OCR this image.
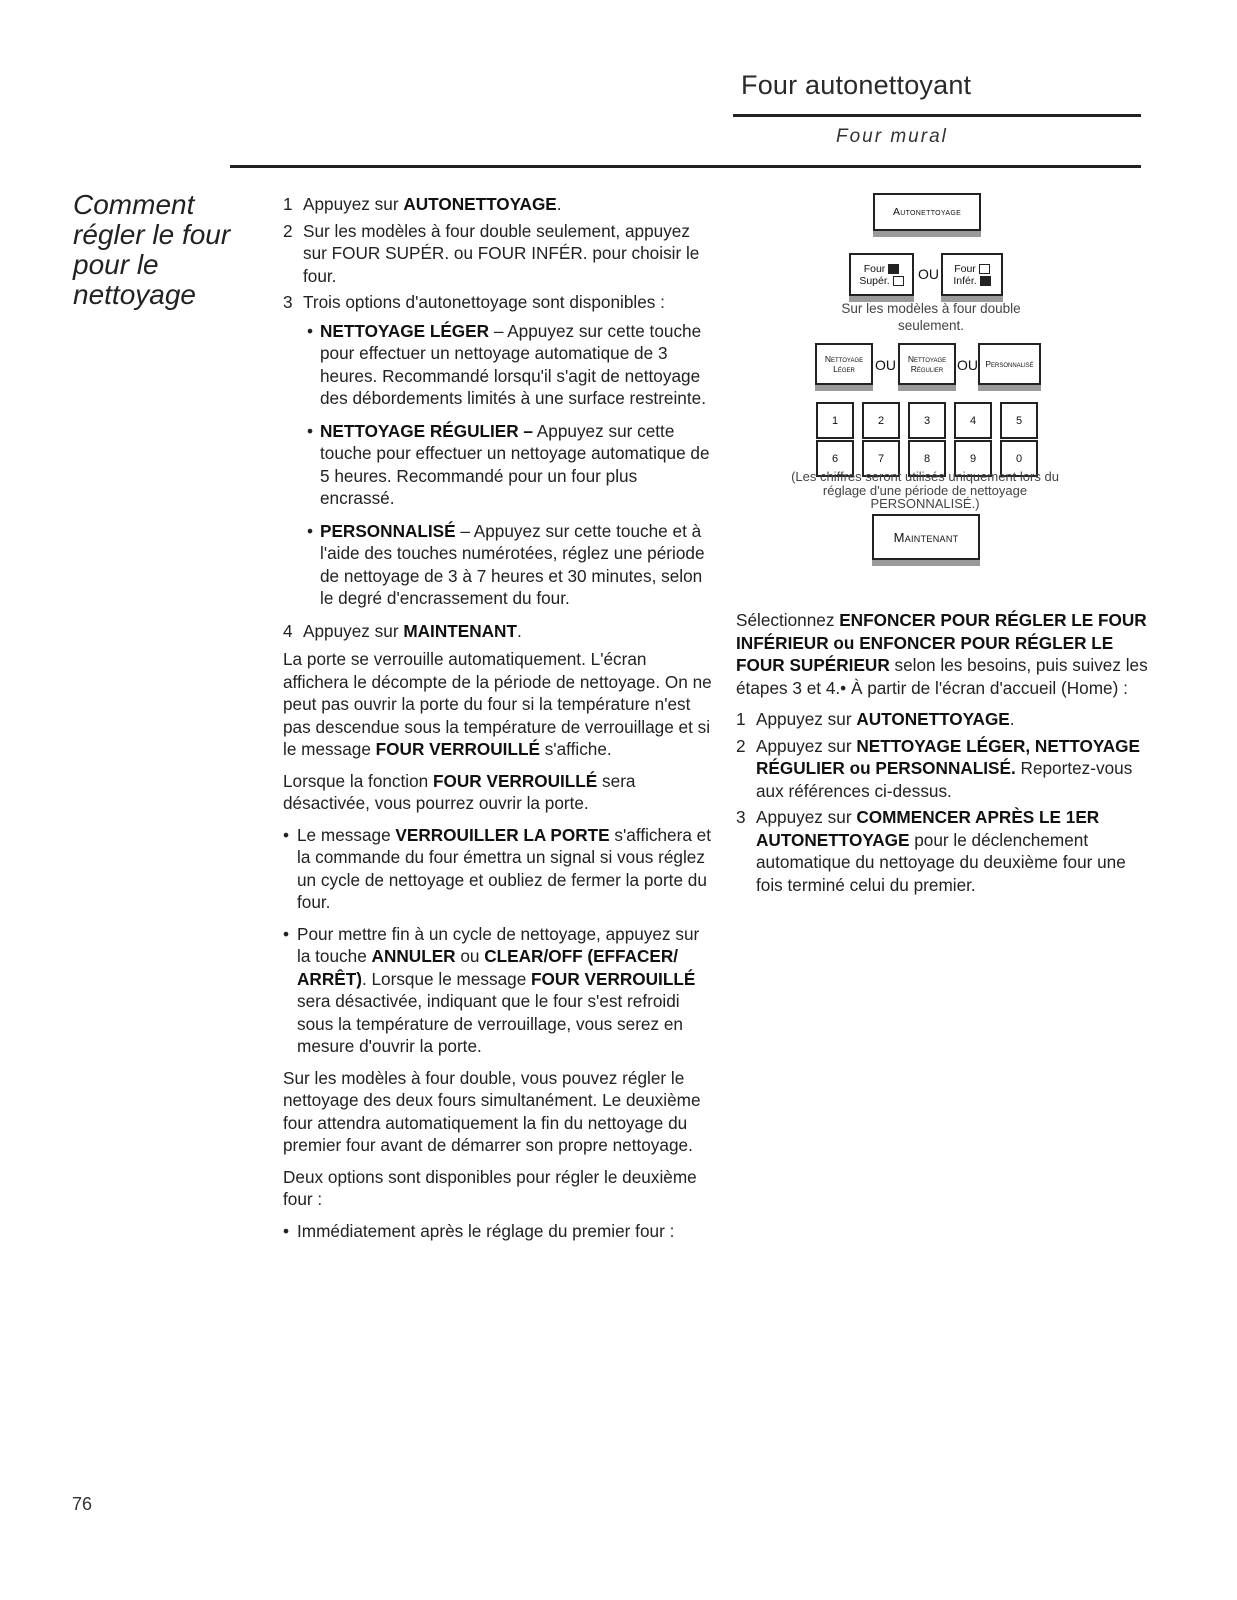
Four autonettoyant
Four mural
Comment régler le four pour le nettoyage
1 Appuyez sur AUTONETTOYAGE.
2 Sur les modèles à four double seulement, appuyez sur FOUR SUPÉR. ou FOUR INFÉR. pour choisir le four.
3 Trois options d'autonettoyage sont disponibles :
• NETTOYAGE LÉGER – Appuyez sur cette touche pour effectuer un nettoyage automatique de 3 heures. Recommandé lorsqu'il s'agit de nettoyage des débordements limités à une surface restreinte.
• NETTOYAGE RÉGULIER – Appuyez sur cette touche pour effectuer un nettoyage automatique de 5 heures. Recommandé pour un four plus encrassé.
• PERSONNALISÉ – Appuyez sur cette touche et à l'aide des touches numérotées, réglez une période de nettoyage de 3 à 7 heures et 30 minutes, selon le degré d'encrassement du four.
4 Appuyez sur MAINTENANT.
La porte se verrouille automatiquement. L'écran affichera le décompte de la période de nettoyage. On ne peut pas ouvrir la porte du four si la température n'est pas descendue sous la température de verrouillage et si le message FOUR VERROUILLÉ s'affiche.
Lorsque la fonction FOUR VERROUILLÉ sera désactivée, vous pourrez ouvrir la porte.
• Le message VERROUILLER LA PORTE s'affichera et la commande du four émettra un signal si vous réglez un cycle de nettoyage et oubliez de fermer la porte du four.
• Pour mettre fin à un cycle de nettoyage, appuyez sur la touche ANNULER ou CLEAR/OFF (EFFACER/ ARRÊT). Lorsque le message FOUR VERROUILLÉ sera désactivée, indiquant que le four s'est refroidi sous la température de verrouillage, vous serez en mesure d'ouvrir la porte.
Sur les modèles à four double, vous pouvez régler le nettoyage des deux fours simultanément. Le deuxième four attendra automatiquement la fin du nettoyage du premier four avant de démarrer son propre nettoyage.
Deux options sont disponibles pour régler le deuxième four :
• Immédiatement après le réglage du premier four :
Autonettoyage
Four
Supér.	OU Four
Infér.
Sur les modèles à four double seulement.
Nettoyage
Léger OU Nettoyage
Régulier OU Personnalisé
1	2	3	4	5
6	7	8	9	0
(Les chiffres seront utilisés uniquement lors du réglage d'une période de nettoyage PERSONNALISÉ.)
Maintenant
Sélectionnez ENFONCER POUR RÉGLER LE FOUR INFÉRIEUR ou ENFONCER POUR RÉGLER LE FOUR SUPÉRIEUR selon les besoins, puis suivez les étapes 3 et 4.• À partir de l'écran d'accueil (Home) :
1 Appuyez sur AUTONETTOYAGE.
2 Appuyez sur NETTOYAGE LÉGER, NETTOYAGE RÉGULIER ou PERSONNALISÉ. Reportez-vous aux références ci-dessus.
3 Appuyez sur COMMENCER APRÈS LE 1ER AUTONETTOYAGE pour le déclenchement automatique du nettoyage du deuxième four une fois terminé celui du premier.
76
